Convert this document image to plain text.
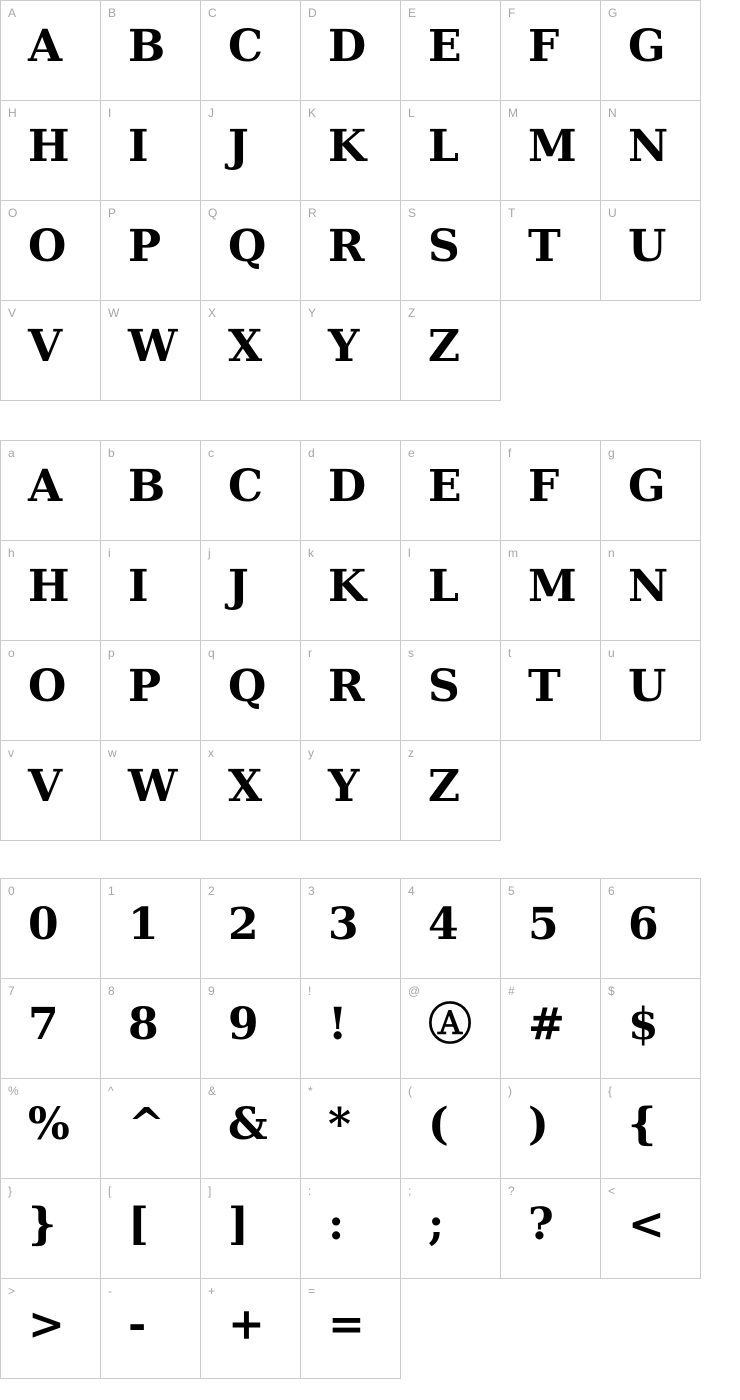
A
A
B
B
C
C
D
D
E
E
F
F
G
G
H
H
I
I
J
J
K
K
L
L
M
M
N
N
O
O
P
P
Q
Q
R
R
S
S
T
T
U
U
V
V
W
W
X
X
Y
Y
Z
Z
a
A
b
B
c
C
d
D
e
E
f
F
g
G
h
H
i
I
j
J
k
K
l
L
m
M
n
N
o
O
p
P
q
Q
r
R
s
S
t
T
u
U
v
V
w
W
x
X
y
Y
z
Z
0
0
1
1
2
2
3
3
4
4
5
5
6
6
7
7
8
8
9
9
!
!
@
Ⓐ
#
#
$
$
%
%
^
^
&
&
*
*
(
(
)
)
{
{
}
}
[
[
]
]
:
:
;
;
?
?
<
<
>
>
-
-
+
+
=
=
